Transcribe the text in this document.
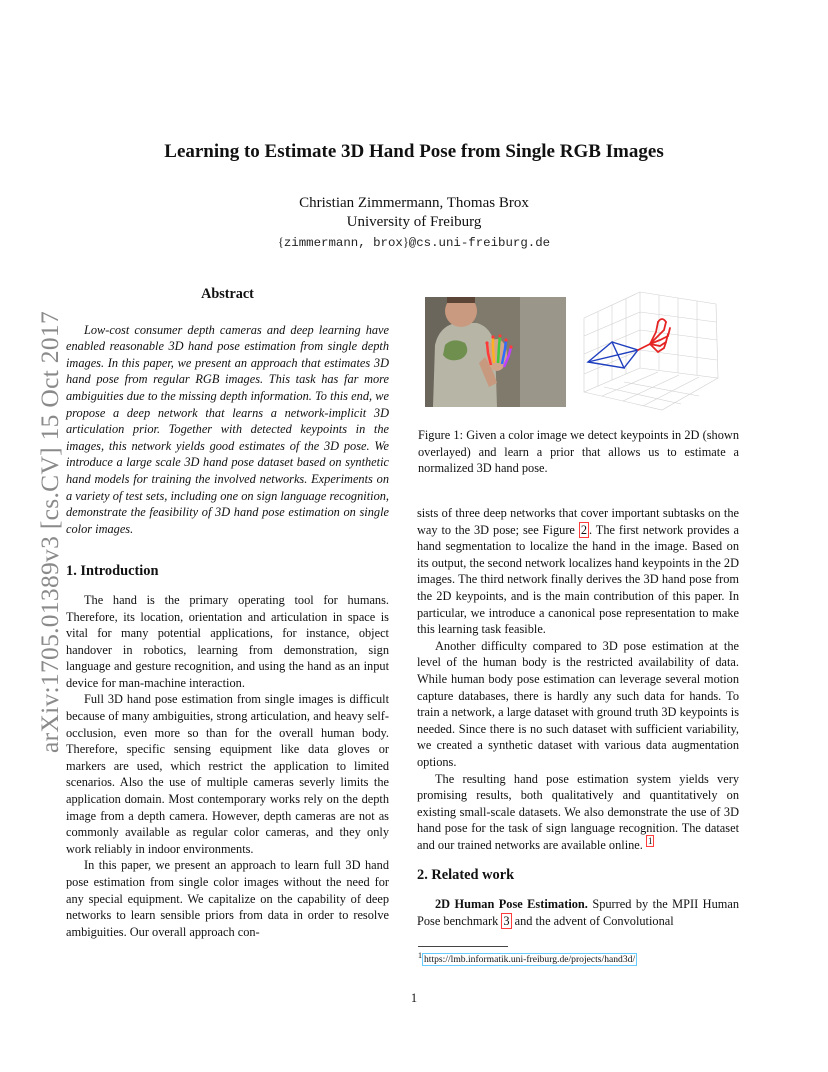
arXiv:1705.01389v3 [cs.CV] 15 Oct 2017
Learning to Estimate 3D Hand Pose from Single RGB Images
Christian Zimmermann, Thomas Brox
University of Freiburg
{zimmermann, brox}@cs.uni-freiburg.de
Abstract

Low-cost consumer depth cameras and deep learning have enabled reasonable 3D hand pose estimation from single depth images. In this paper, we present an approach that estimates 3D hand pose from regular RGB images. This task has far more ambiguities due to the missing depth information. To this end, we propose a deep network that learns a network-implicit 3D articulation prior. Together with detected keypoints in the images, this network yields good estimates of the 3D pose. We introduce a large scale 3D hand pose dataset based on synthetic hand models for training the involved networks. Experiments on a variety of test sets, including one on sign language recognition, demonstrate the feasibility of 3D hand pose estimation on single color images.

1. Introduction

The hand is the primary operating tool for humans. Therefore, its location, orientation and articulation in space is vital for many potential applications, for instance, object handover in robotics, learning from demonstration, sign language and gesture recognition, and using the hand as an input device for man-machine interaction.

Full 3D hand pose estimation from single images is difficult because of many ambiguities, strong articulation, and heavy self-occlusion, even more so than for the overall human body. Therefore, specific sensing equipment like data gloves or markers are used, which restrict the application to limited scenarios. Also the use of multiple cameras severly limits the application domain. Most contemporary works rely on the depth image from a depth camera. However, depth cameras are not as commonly available as regular color cameras, and they only work reliably in indoor environments.

In this paper, we present an approach to learn full 3D hand pose estimation from single color images without the need for any special equipment. We capitalize on the capability of deep networks to learn sensible priors from data in order to resolve ambiguities. Our overall approach con-

Figure 1: Given a color image we detect keypoints in 2D (shown overlayed) and learn a prior that allows us to estimate a normalized 3D hand pose.

sists of three deep networks that cover important subtasks on the way to the 3D pose; see Figure 2 . The first network provides a hand segmentation to localize the hand in the image. Based on its output, the second network localizes hand keypoints in the 2D images. The third network finally derives the 3D hand pose from the 2D keypoints, and is the main contribution of this paper. In particular, we introduce a canonical pose representation to make this learning task feasible.

Another difficulty compared to 3D pose estimation at the level of the human body is the restricted availability of data. While human body pose estimation can leverage several motion capture databases, there is hardly any such data for hands. To train a network, a large dataset with ground truth 3D keypoints is needed. Since there is no such dataset with sufficient variability, we created a synthetic dataset with various data augmentation options.

The resulting hand pose estimation system yields very promising results, both qualitatively and quantitatively on existing small-scale datasets. We also demonstrate the use of 3D hand pose for the task of sign language recognition. The dataset and our trained networks are available online. $^1$

2. Related work

2D Human Pose Estimation. Spurred by the MPII Human Pose benchmark 3 and the advent of Convolutional

$^1$ https://lmb.informatik.uni-freiburg.de/projects/hand3d/
1
